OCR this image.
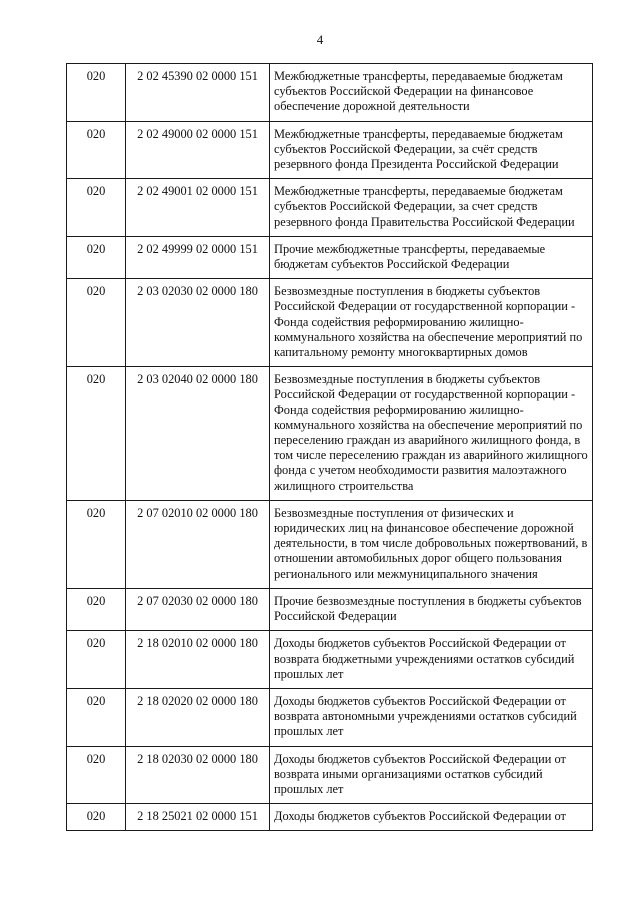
4
020	2 02 45390 02 0000 151	Межбюджетные трансферты, передаваемые бюджетам субъектов Российской Федерации на финансовое обеспечение дорожной деятельности
020	2 02 49000 02 0000 151	Межбюджетные трансферты, передаваемые бюджетам субъектов Российской Федерации, за счёт средств резервного фонда Президента Российской Федерации
020	2 02 49001 02 0000 151	Межбюджетные трансферты, передаваемые бюджетам субъектов Российской Федерации, за счет средств резервного фонда Правительства Российской Федерации
020	2 02 49999 02 0000 151	Прочие межбюджетные трансферты, передаваемые бюджетам субъектов Российской Федерации
020	2 03 02030 02 0000 180	Безвозмездные поступления в бюджеты субъектов Российской Федерации от государственной корпорации - Фонда содействия реформированию жилищно-коммунального хозяйства на обеспечение мероприятий по капитальному ремонту многоквартирных домов
020	2 03 02040 02 0000 180	Безвозмездные поступления в бюджеты субъектов Российской Федерации от государственной корпорации - Фонда содействия реформированию жилищно-коммунального хозяйства на обеспечение мероприятий по переселению граждан из аварийного жилищного фонда, в том числе переселению граждан из аварийного жилищного фонда с учетом необходимости развития малоэтажного жилищного строительства
020	2 07 02010 02 0000 180	Безвозмездные поступления от физических и юридических лиц на финансовое обеспечение дорожной деятельности, в том числе добровольных пожертвований, в отношении автомобильных дорог общего пользования регионального или межмуниципального значения
020	2 07 02030 02 0000 180	Прочие безвозмездные поступления в бюджеты субъектов Российской Федерации
020	2 18 02010 02 0000 180	Доходы бюджетов субъектов Российской Федерации от возврата бюджетными учреждениями остатков субсидий прошлых лет
020	2 18 02020 02 0000 180	Доходы бюджетов субъектов Российской Федерации от возврата автономными учреждениями остатков субсидий прошлых лет
020	2 18 02030 02 0000 180	Доходы бюджетов субъектов Российской Федерации от возврата иными организациями остатков субсидий прошлых лет
020	2 18 25021 02 0000 151	Доходы бюджетов субъектов Российской Федерации от
